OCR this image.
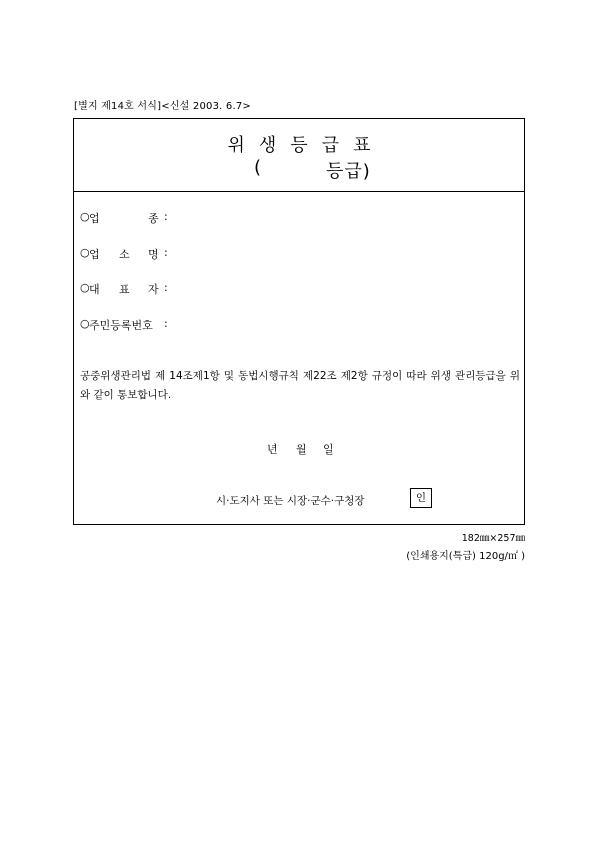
[별지 제14호 서식]<신설 2003. 6.7>
위생등급표
(	등급)
○ 업	종 :
○ 업 소 명 :
○ 대 표 자 :
○ 주민등록번호 :
공중위생관리법 제 14조제1항 및 동법시행규칙 제22조 제2항 규정이 따라 위생 관리등급을 위와 같이 통보합니다.
년 월 일
시·도지사 또는 시장·군수·구청장	인
182㎜×257㎜
(인쇄용지(특급) 120g/㎡ )
